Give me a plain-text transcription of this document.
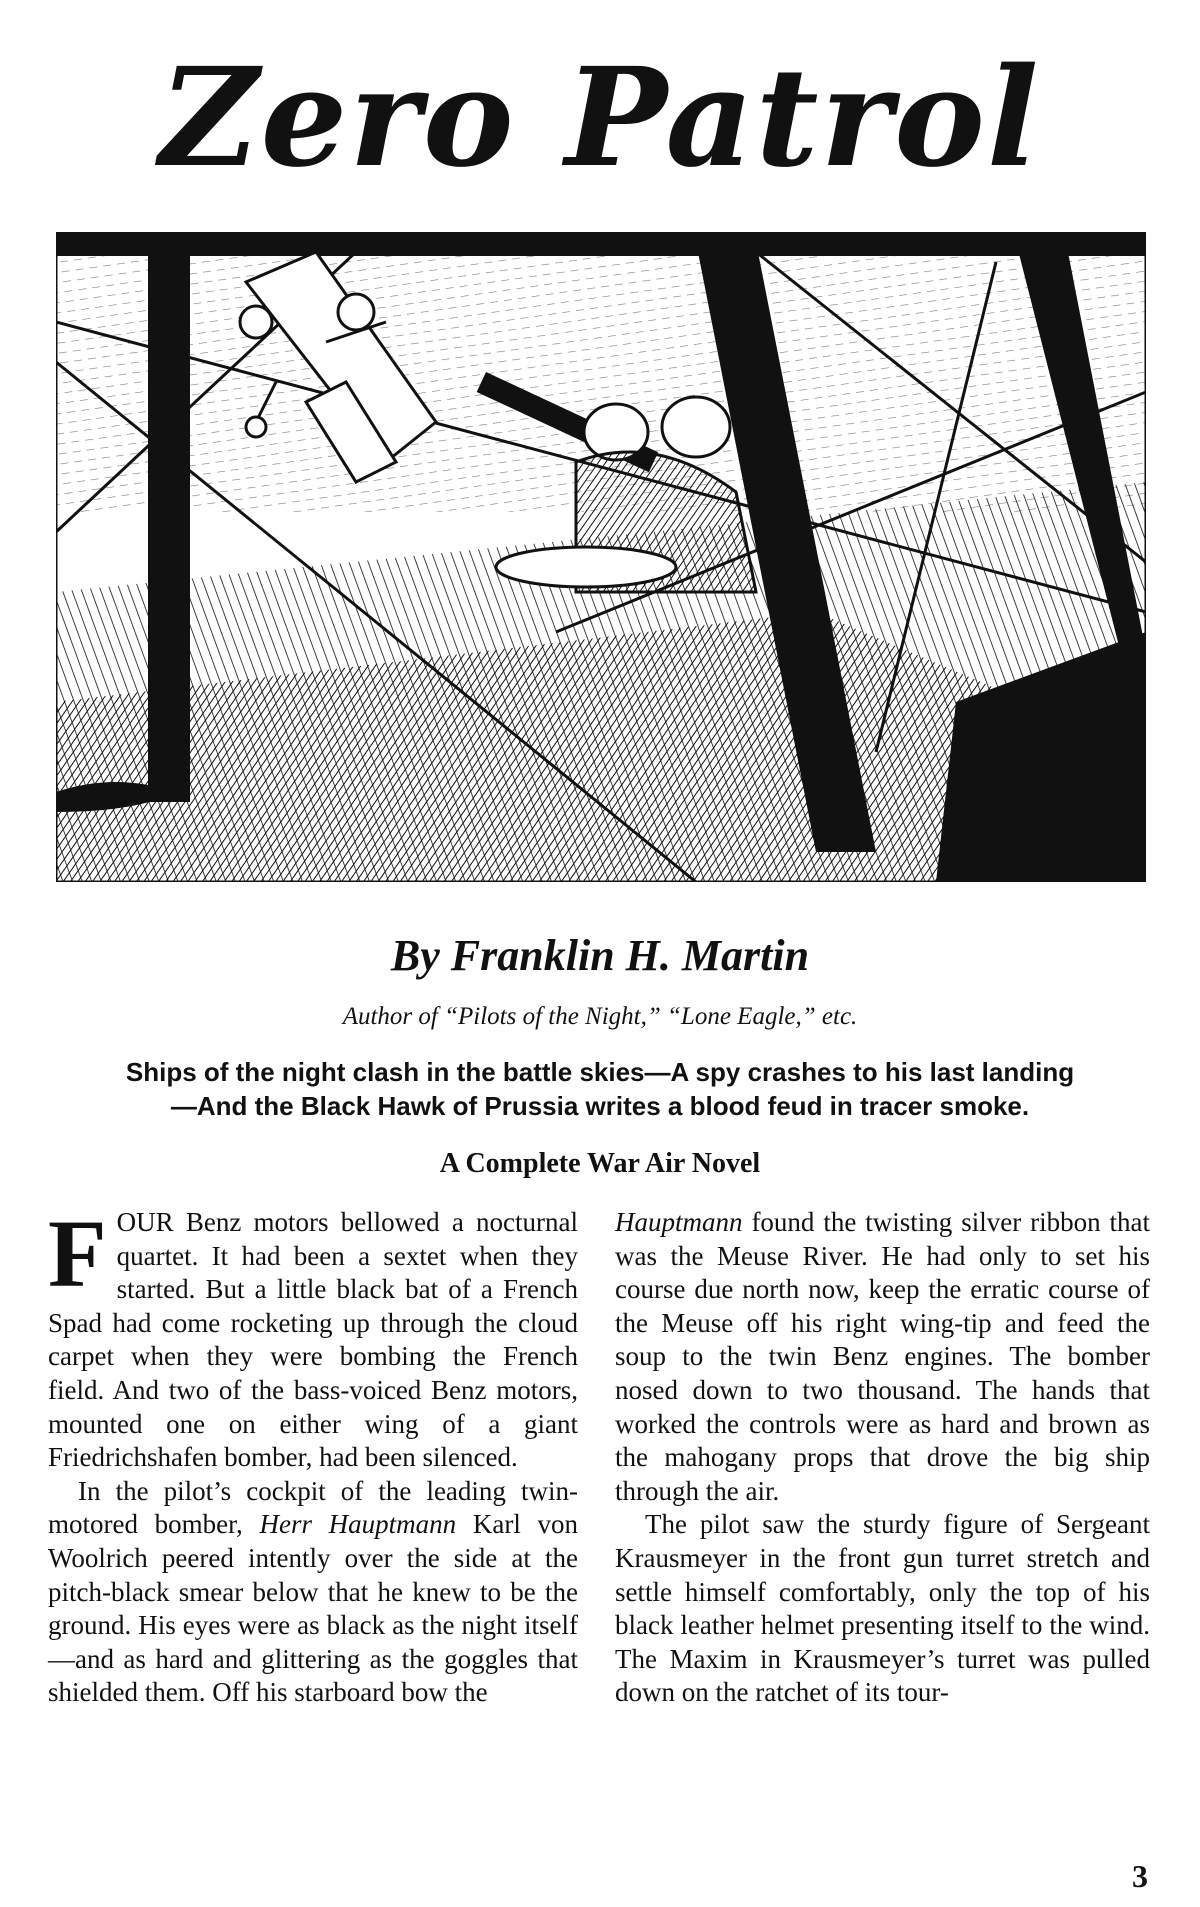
Zero Patrol
By Franklin H. Martin
Author of “Pilots of the Night,” “Lone Eagle,” etc.
Ships of the night clash in the battle skies—A spy crashes to his last landing
—And the Black Hawk of Prussia writes a blood feud in tracer smoke.
A Complete War Air Novel

FOUR Benz motors bellowed a nocturnal quartet. It had been a sextet when they started. But a little black bat of a French Spad had come rocketing up through the cloud carpet when they were bombing the French field. And two of the bass-voiced Benz motors, mounted one on either wing of a giant Friedrichshafen bomber, had been silenced.

In the pilot’s cockpit of the leading twin-motored bomber, Herr Hauptmann Karl von Woolrich peered intently over the side at the pitch-black smear below that he knew to be the ground. His eyes were as black as the night itself—and as hard and glittering as the goggles that shielded them. Off his starboard bow the

Hauptmann found the twisting silver ribbon that was the Meuse River. He had only to set his course due north now, keep the erratic course of the Meuse off his right wing-tip and feed the soup to the twin Benz engines. The bomber nosed down to two thousand. The hands that worked the controls were as hard and brown as the mahogany props that drove the big ship through the air.

The pilot saw the sturdy figure of Sergeant Krausmeyer in the front gun turret stretch and settle himself comfortably, only the top of his black leather helmet presenting itself to the wind. The Maxim in Krausmeyer’s turret was pulled down on the ratchet of its tour-

3
